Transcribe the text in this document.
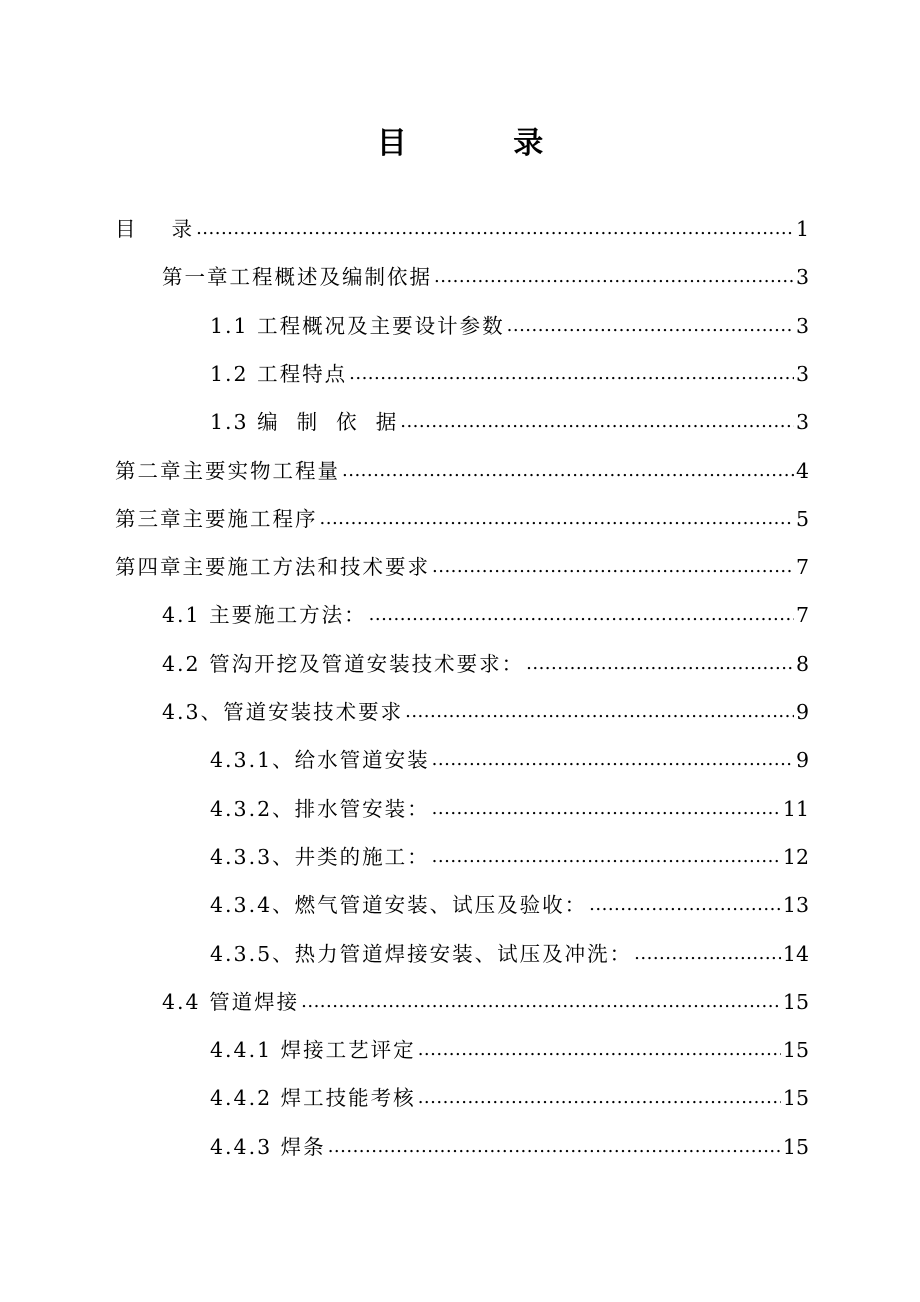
目 录
目    录 .....	1
第一章工程概述及编制依据 .....	3
1.1 工程概况及主要设计参数 .....	3
1.2 工程特点 .....	3
1.3 编  制  依  据 .....	3
第二章主要实物工程量 .....	4
第三章主要施工程序 .....	5
第四章主要施工方法和技术要求 .....	7
4.1 主要施工方法： .....	7
4.2 管沟开挖及管道安装技术要求： .....	8
4.3、管道安装技术要求 .....	9
4.3.1、给水管道安装 .....	9
4.3.2、排水管安装： .....	11
4.3.3、井类的施工： .....	12
4.3.4、燃气管道安装、试压及验收： .....	13
4.3.5、热力管道焊接安装、试压及冲洗： .....	14
4.4 管道焊接 .....	15
4.4.1 焊接工艺评定 .....	15
4.4.2 焊工技能考核 .....	15
4.4.3 焊条 .....	15
